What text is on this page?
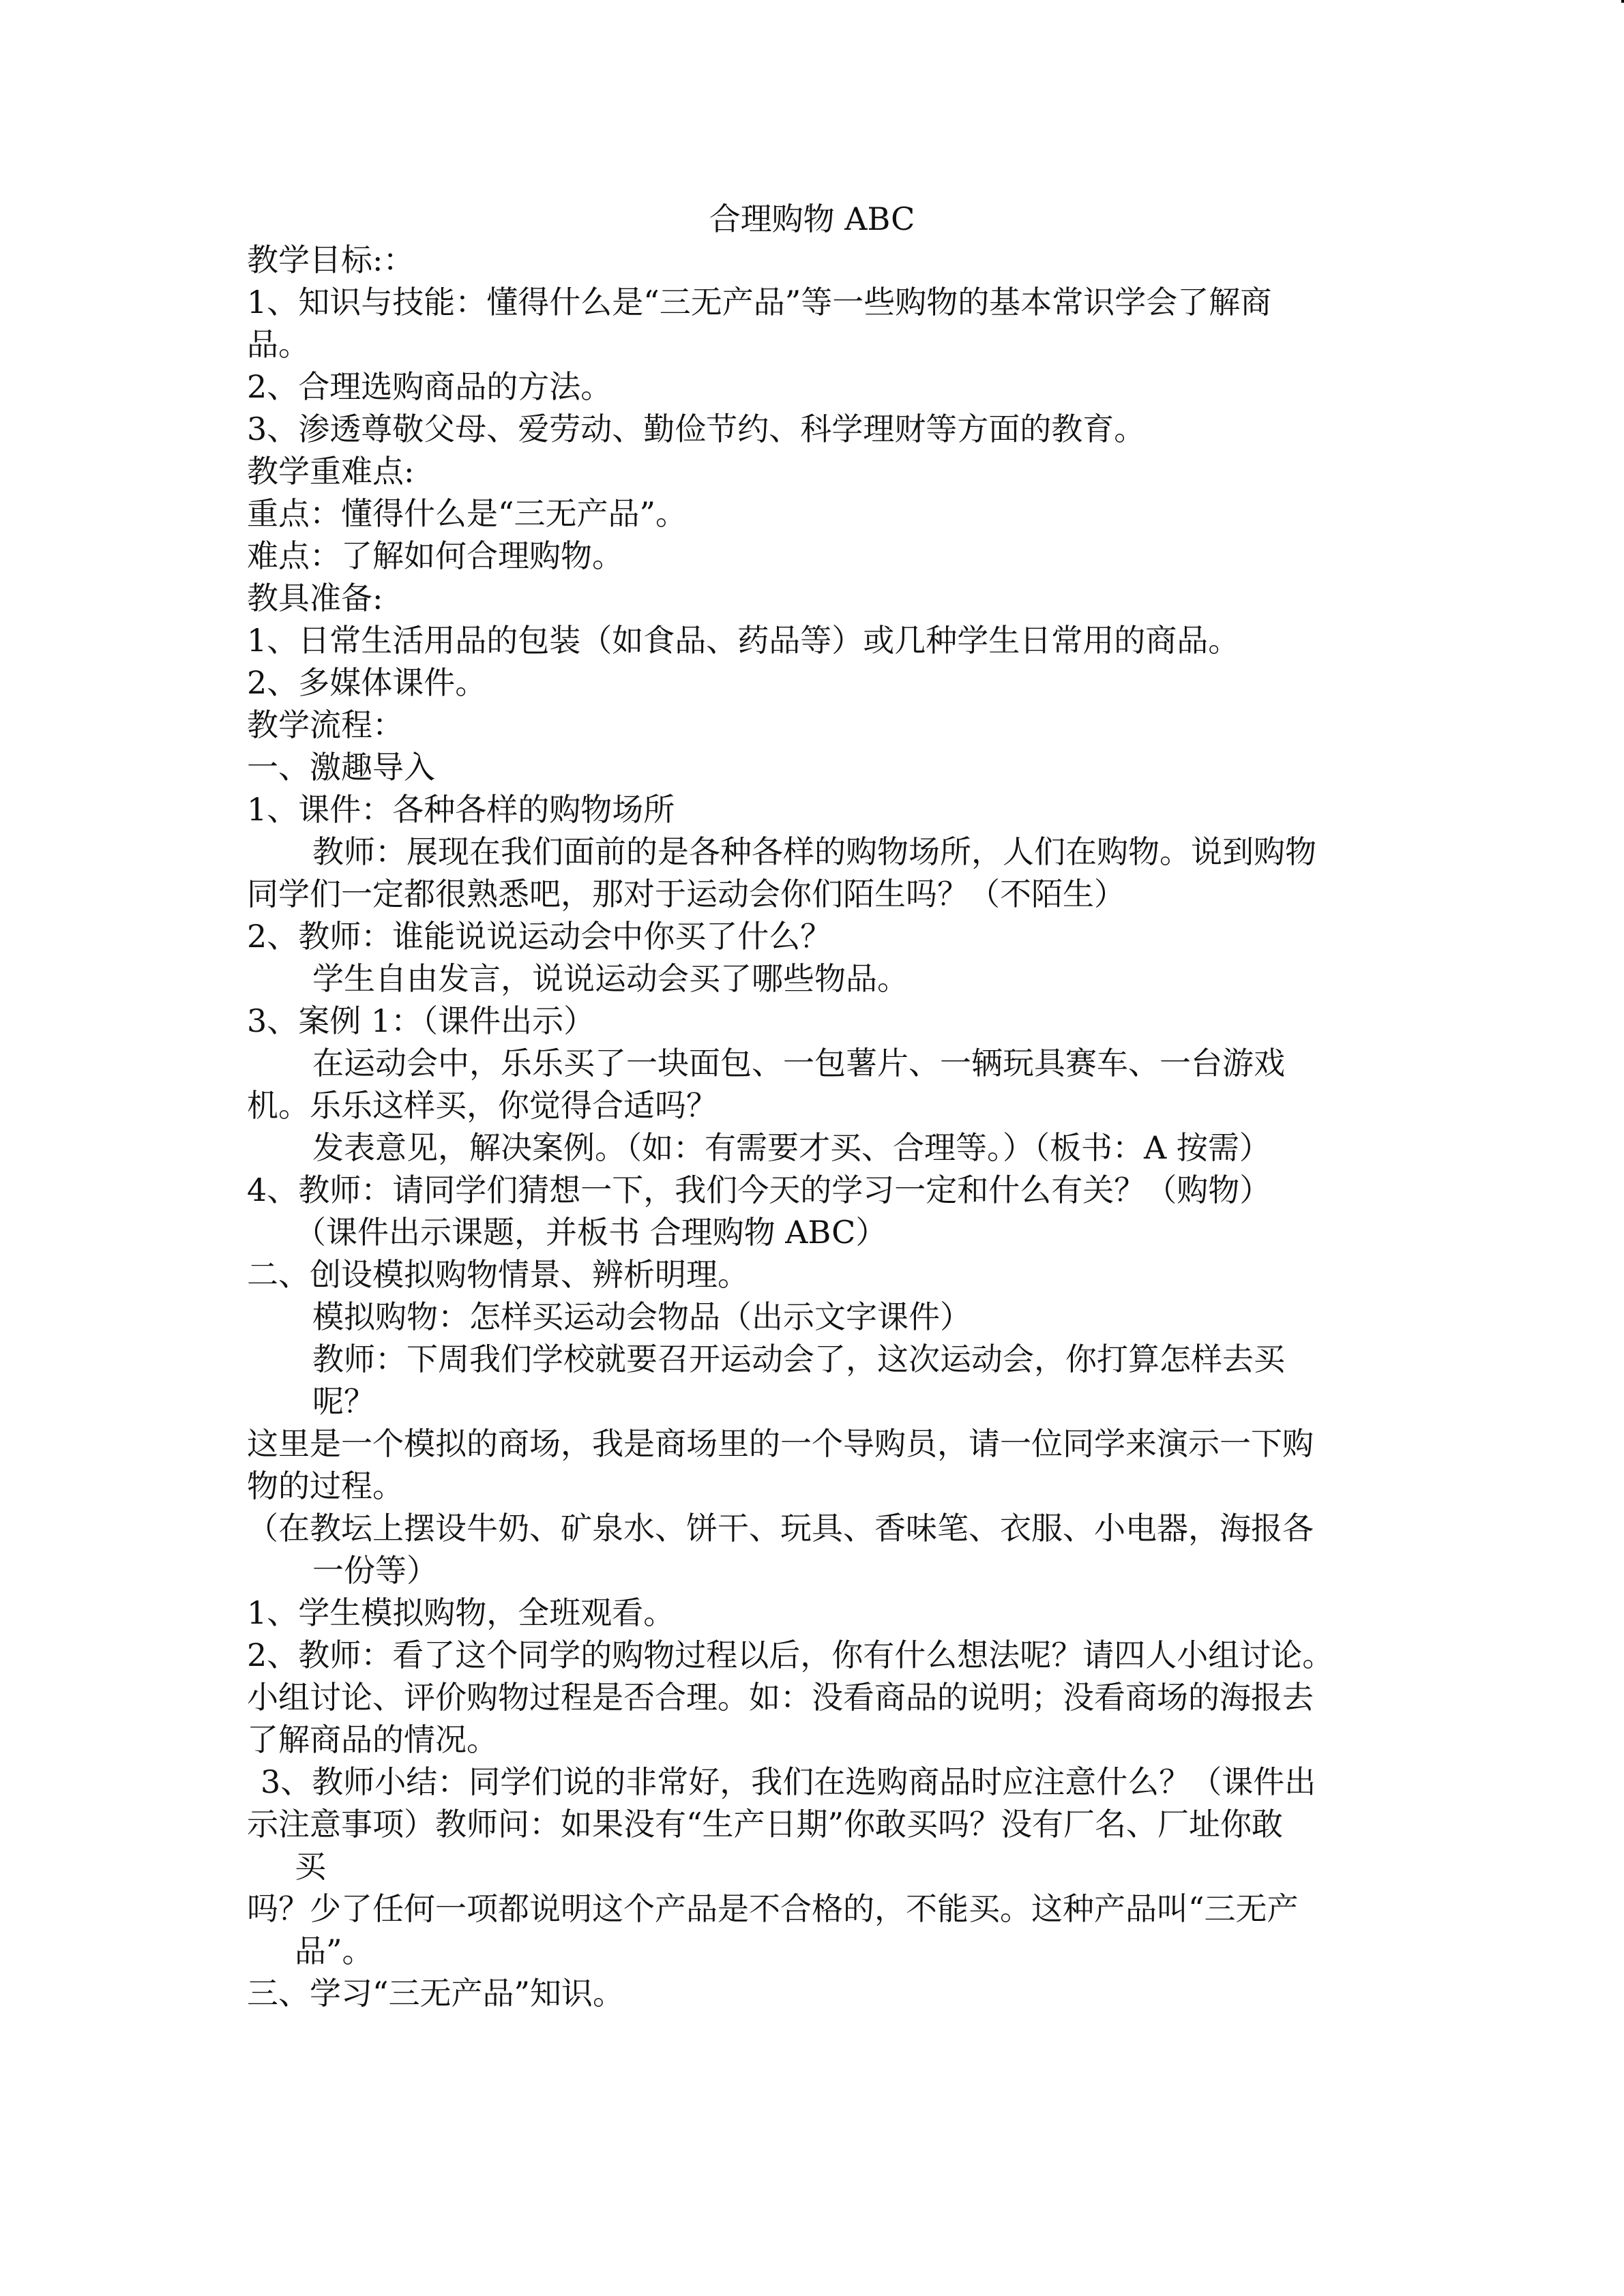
合理购物 ABC
教学目标:：
1、知识与技能：懂得什么是“三无产品”等一些购物的基本常识学会了解商
品。
2、合理选购商品的方法。
3、渗透尊敬父母、爱劳动、勤俭节约、科学理财等方面的教育。
教学重难点:
重点：懂得什么是“三无产品”。
难点：了解如何合理购物。
教具准备:
1、日常生活用品的包装（如食品、药品等）或几种学生日常用的商品。
2、多媒体课件。
教学流程：
一、激趣导入
1、课件：各种各样的购物场所
教师：展现在我们面前的是各种各样的购物场所，人们在购物。说到购物
同学们一定都很熟悉吧，那对于运动会你们陌生吗？（不陌生）
2、教师：谁能说说运动会中你买了什么？
学生自由发言，说说运动会买了哪些物品。
3、案例 1：（课件出示）
在运动会中，乐乐买了一块面包、一包薯片、一辆玩具赛车、一台游戏
机。乐乐这样买，你觉得合适吗？
发表意见，解决案例。（如：有需要才买、合理等。）（板书：A 按需）
4、教师：请同学们猜想一下，我们今天的学习一定和什么有关？（购物）
（课件出示课题，并板书 合理购物 ABC）
二、创设模拟购物情景、辨析明理。
模拟购物：怎样买运动会物品（出示文字课件）
教师：下周我们学校就要召开运动会了，这次运动会，你打算怎样去买
呢？
这里是一个模拟的商场，我是商场里的一个导购员，请一位同学来演示一下购
物的过程。
（在教坛上摆设牛奶、矿泉水、饼干、玩具、香味笔、衣服、小电器，海报各
一份等）
1、学生模拟购物，全班观看。
2、教师：看了这个同学的购物过程以后，你有什么想法呢？请四人小组讨论。
小组讨论、评价购物过程是否合理。如：没看商品的说明；没看商场的海报去
了解商品的情况。
3、教师小结：同学们说的非常好，我们在选购商品时应注意什么？（课件出
示注意事项）教师问：如果没有“生产日期”你敢买吗？没有厂名、厂址你敢
买
吗？少了任何一项都说明这个产品是不合格的，不能买。这种产品叫“三无产
品”。
三、学习“三无产品”知识。
